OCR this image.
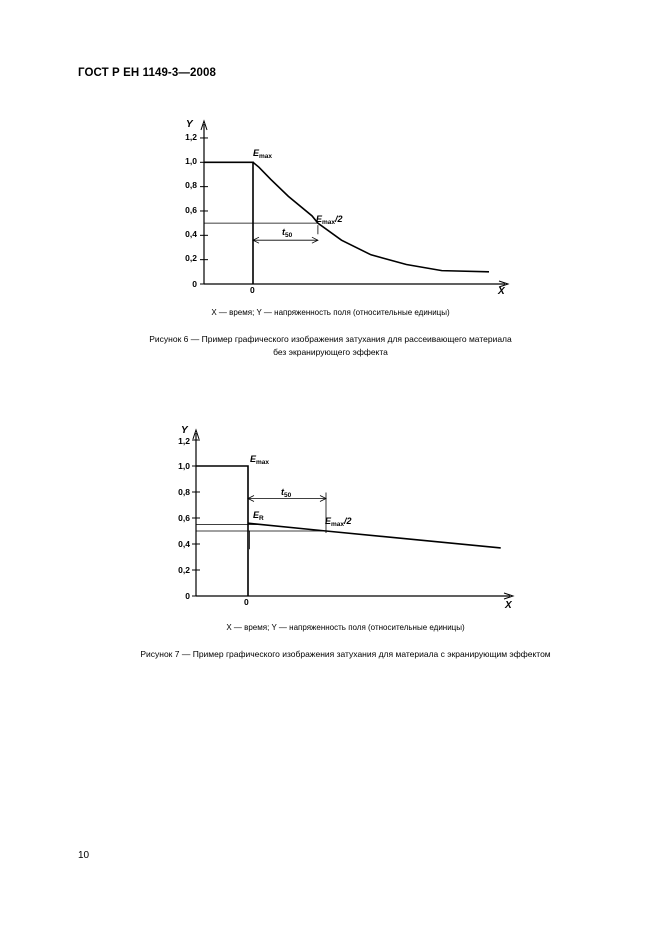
ГОСТ Р ЕН 1149-3—2008
1,2
1,0
0,8
0,6
0,4
0,2
0
Y
X
0
Emax
Emax/2
t50
X — время; Y — напряженность поля (относительные единицы)
Рисунок 6 — Пример графического изображения затухания для рассеивающего материала
без экранирующего эффекта
1,2
1,0
0,8
0,6
0,4
0,2
0
Y
X
0
Emax
ER	Emax/2
t50
X — время; Y — напряженность поля (относительные единицы)
Рисунок 7 — Пример графического изображения затухания для материала с экранирующим эффектом
10
